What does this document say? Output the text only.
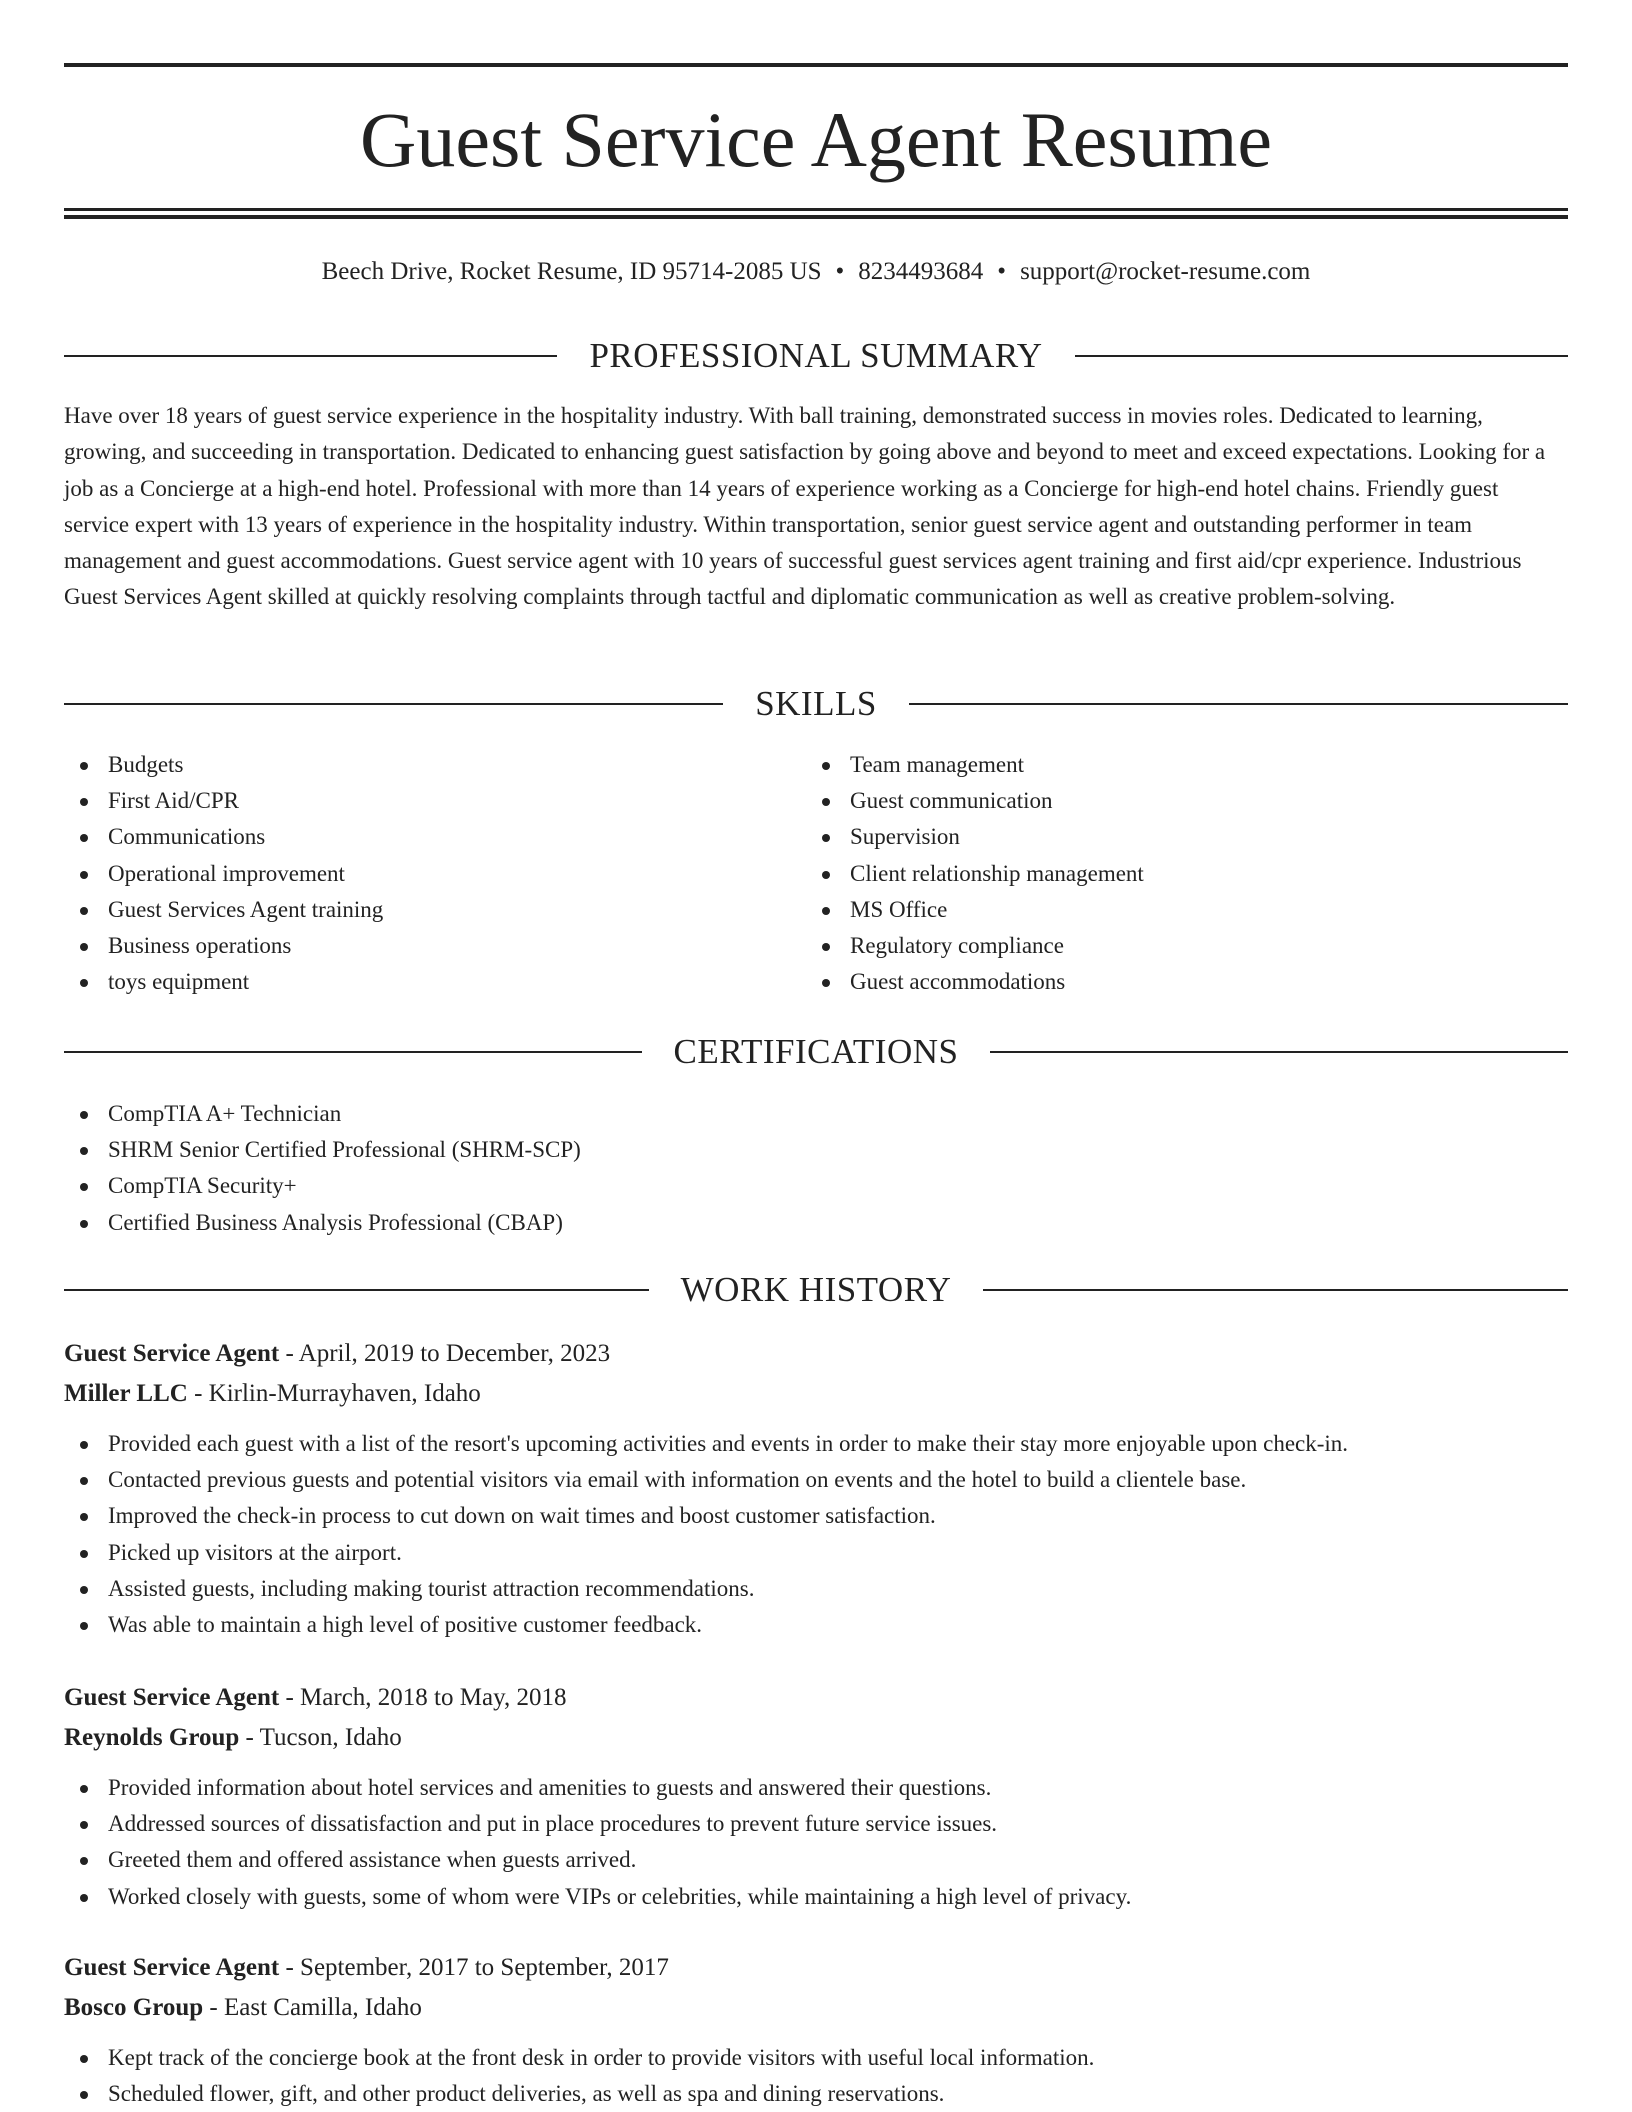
Guest Service Agent Resume
Beech Drive, Rocket Resume, ID 95714-2085 US • 8234493684 • support@rocket-resume.com
PROFESSIONAL SUMMARY

Have over 18 years of guest service experience in the hospitality industry. With ball training, demonstrated success in movies roles. Dedicated to learning, growing, and succeeding in transportation. Dedicated to enhancing guest satisfaction by going above and beyond to meet and exceed expectations. Looking for a job as a Concierge at a high-end hotel. Professional with more than 14 years of experience working as a Concierge for high-end hotel chains. Friendly guest service expert with 13 years of experience in the hospitality industry. Within transportation, senior guest service agent and outstanding performer in team management and guest accommodations. Guest service agent with 10 years of successful guest services agent training and first aid/cpr experience. Industrious Guest Services Agent skilled at quickly resolving complaints through tactful and diplomatic communication as well as creative problem-solving.

SKILLS
Budgets
First Aid/CPR
Communications
Operational improvement
Guest Services Agent training
Business operations
toys equipment
Team management
Guest communication
Supervision
Client relationship management
MS Office
Regulatory compliance
Guest accommodations
CERTIFICATIONS
CompTIA A+ Technician
SHRM Senior Certified Professional (SHRM-SCP)
CompTIA Security+
Certified Business Analysis Professional (CBAP)
WORK HISTORY
Guest Service Agent - April, 2019 to December, 2023
Miller LLC - Kirlin-Murrayhaven, Idaho
Provided each guest with a list of the resort's upcoming activities and events in order to make their stay more enjoyable upon check-in.
Contacted previous guests and potential visitors via email with information on events and the hotel to build a clientele base.
Improved the check-in process to cut down on wait times and boost customer satisfaction.
Picked up visitors at the airport.
Assisted guests, including making tourist attraction recommendations.
Was able to maintain a high level of positive customer feedback.
Guest Service Agent - March, 2018 to May, 2018
Reynolds Group - Tucson, Idaho
Provided information about hotel services and amenities to guests and answered their questions.
Addressed sources of dissatisfaction and put in place procedures to prevent future service issues.
Greeted them and offered assistance when guests arrived.
Worked closely with guests, some of whom were VIPs or celebrities, while maintaining a high level of privacy.
Guest Service Agent - September, 2017 to September, 2017
Bosco Group - East Camilla, Idaho
Kept track of the concierge book at the front desk in order to provide visitors with useful local information.
Scheduled flower, gift, and other product deliveries, as well as spa and dining reservations.
